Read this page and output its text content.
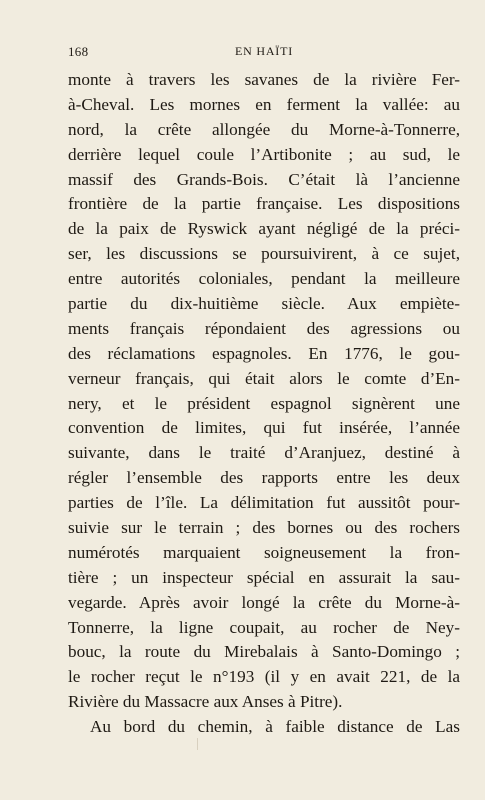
168	EN HAÏTI
monte à travers les savanes de la rivière Fer-
à-Cheval. Les mornes en ferment la vallée: au
nord, la crête allongée du Morne-à-Tonnerre,
derrière lequel coule l’Artibonite ; au sud, le
massif des Grands-Bois. C’était là l’ancienne
frontière de la partie française. Les dispositions
de la paix de Ryswick ayant négligé de la préci-
ser, les discussions se poursuivirent, à ce sujet,
entre autorités coloniales, pendant la meilleure
partie du dix-huitième siècle. Aux empiète-
ments français répondaient des agressions ou
des réclamations espagnoles. En 1776, le gou-
verneur français, qui était alors le comte d’En-
nery, et le président espagnol signèrent une
convention de limites, qui fut insérée, l’année
suivante, dans le traité d’Aranjuez, destiné à
régler l’ensemble des rapports entre les deux
parties de l’île. La délimitation fut aussitôt pour-
suivie sur le terrain ; des bornes ou des rochers
numérotés marquaient soigneusement la fron-
tière ; un inspecteur spécial en assurait la sau-
vegarde. Après avoir longé la crête du Morne-à-
Tonnerre, la ligne coupait, au rocher de Ney-
bouc, la route du Mirebalais à Santo-Domingo ;
le rocher reçut le n°193 (il y en avait 221, de la
Rivière du Massacre aux Anses à Pitre).
Au bord du chemin, à faible distance de Las
